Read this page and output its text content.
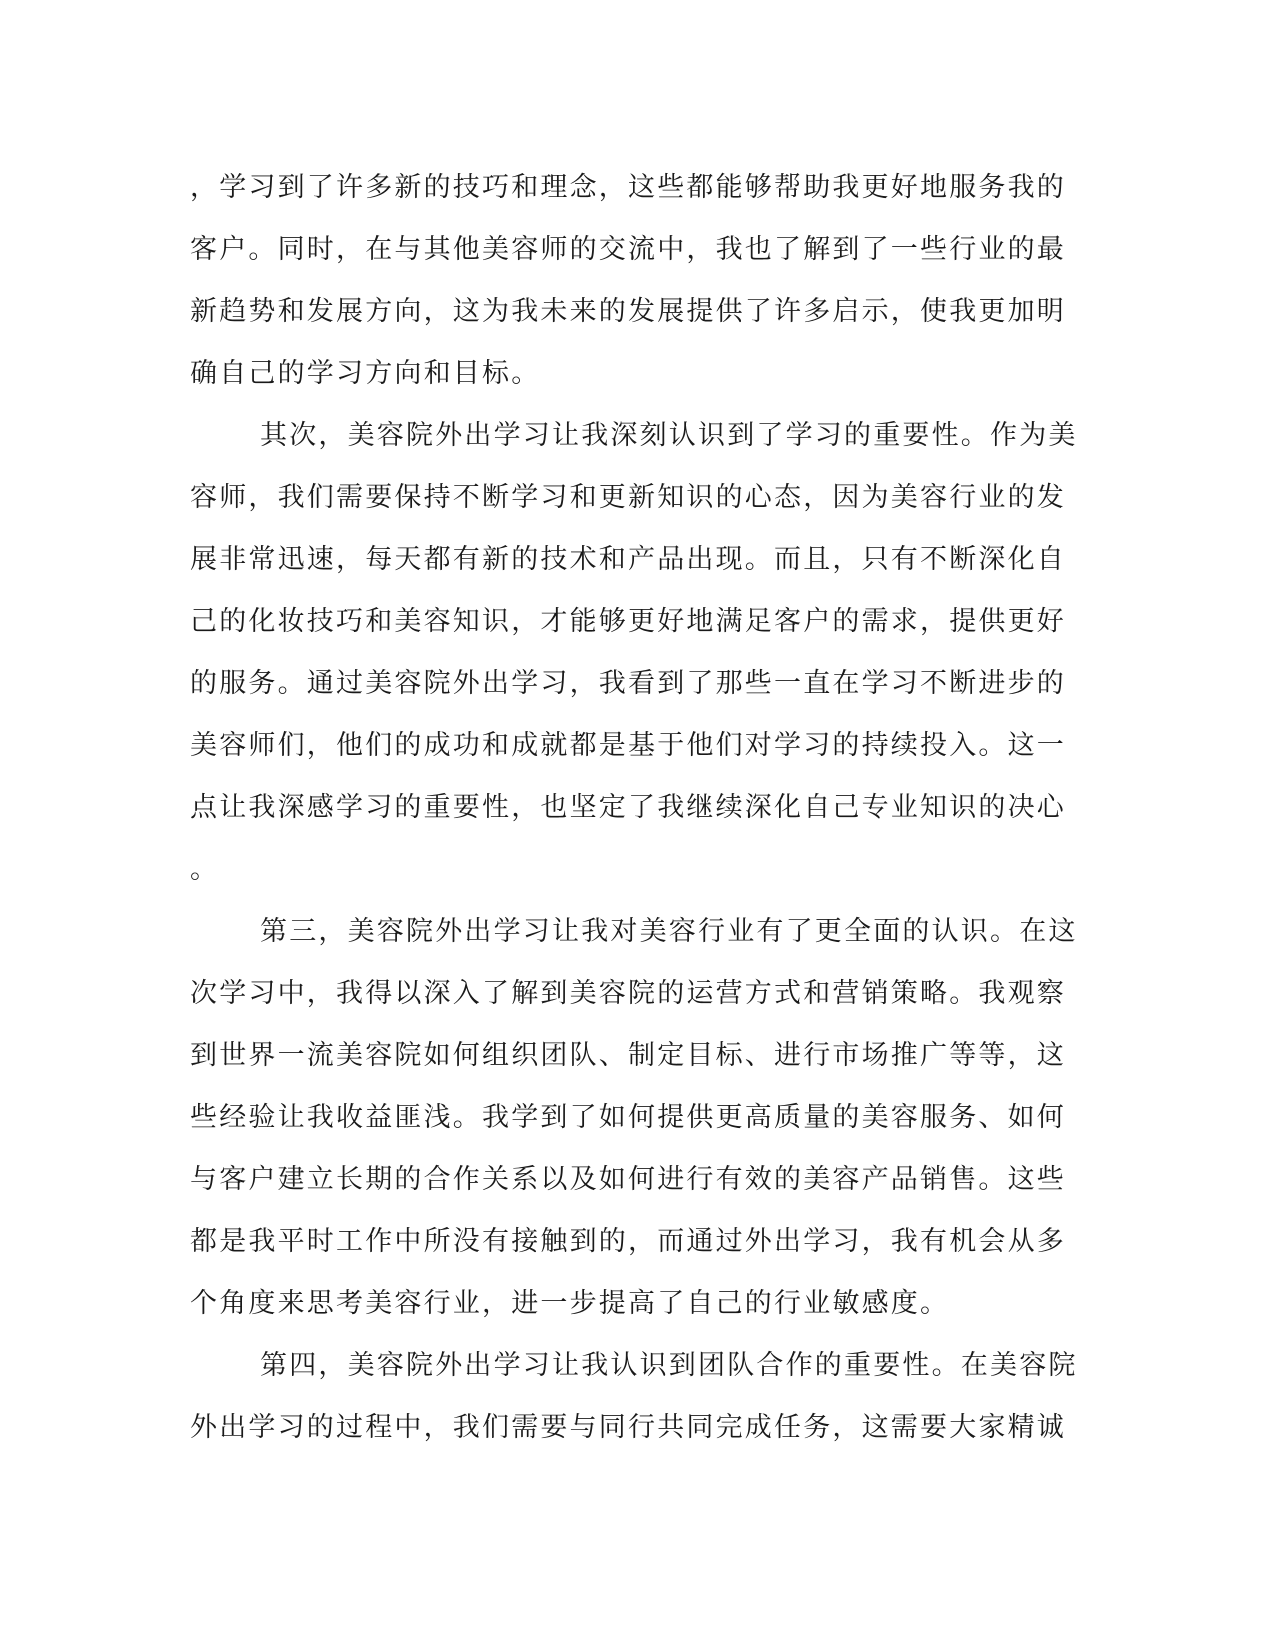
，学习到了许多新的技巧和理念，这些都能够帮助我更好地服务我的
客户。同时，在与其他美容师的交流中，我也了解到了一些行业的最
新趋势和发展方向，这为我未来的发展提供了许多启示，使我更加明
确自己的学习方向和目标。
其次，美容院外出学习让我深刻认识到了学习的重要性。作为美
容师，我们需要保持不断学习和更新知识的心态，因为美容行业的发
展非常迅速，每天都有新的技术和产品出现。而且，只有不断深化自
己的化妆技巧和美容知识，才能够更好地满足客户的需求，提供更好
的服务。通过美容院外出学习，我看到了那些一直在学习不断进步的
美容师们，他们的成功和成就都是基于他们对学习的持续投入。这一
点让我深感学习的重要性，也坚定了我继续深化自己专业知识的决心
。
第三，美容院外出学习让我对美容行业有了更全面的认识。在这
次学习中，我得以深入了解到美容院的运营方式和营销策略。我观察
到世界一流美容院如何组织团队、制定目标、进行市场推广等等，这
些经验让我收益匪浅。我学到了如何提供更高质量的美容服务、如何
与客户建立长期的合作关系以及如何进行有效的美容产品销售。这些
都是我平时工作中所没有接触到的，而通过外出学习，我有机会从多
个角度来思考美容行业，进一步提高了自己的行业敏感度。
第四，美容院外出学习让我认识到团队合作的重要性。在美容院
外出学习的过程中，我们需要与同行共同完成任务，这需要大家精诚
